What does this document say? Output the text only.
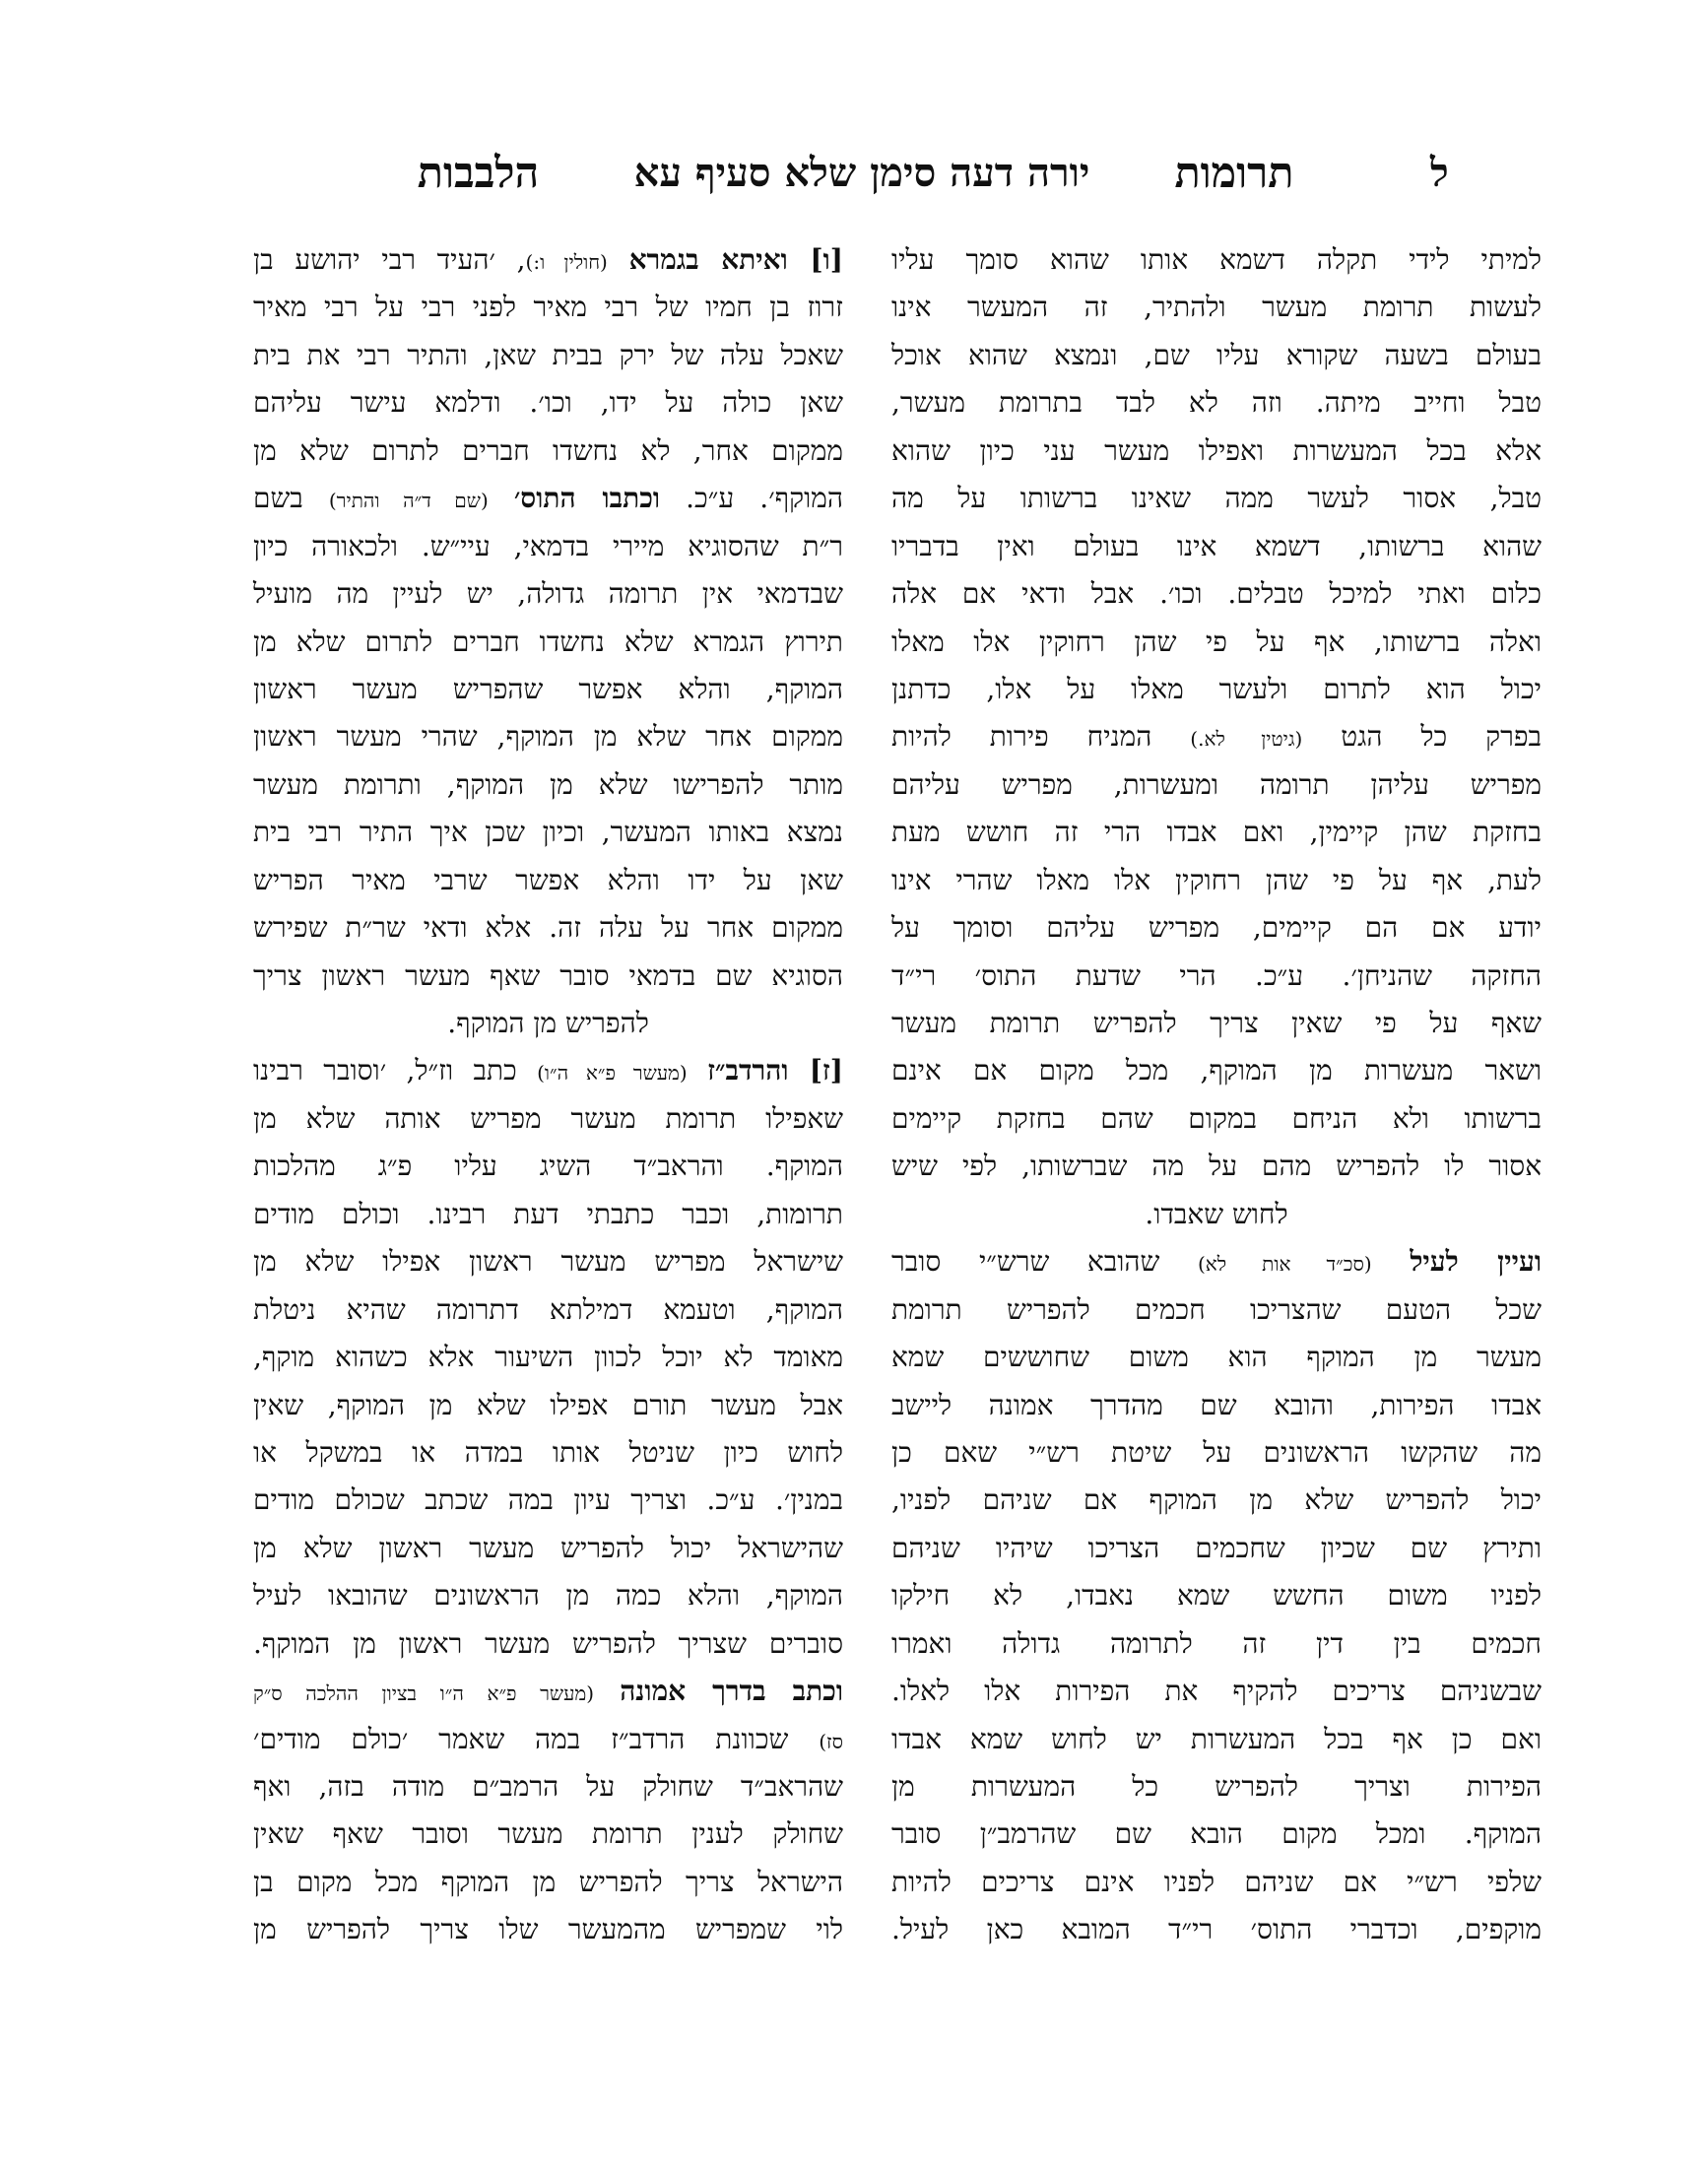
הלבבות	יורה דעה סימן שלא סעיף עא	תרומות	ל
למיתי לידי תקלה דשמא אותו שהוא סומך עליו
לעשות תרומת מעשר ולהתיר, זה המעשר אינו
בעולם בשעה שקורא עליו שם, ונמצא שהוא אוכל
טבל וחייב מיתה. וזה לא לבד בתרומת מעשר,
אלא בכל המעשרות ואפילו מעשר עני כיון שהוא
טבל, אסור לעשר ממה שאינו ברשותו על מה
שהוא ברשותו, דשמא אינו בעולם ואין בדבריו
כלום ואתי למיכל טבלים. וכו׳. אבל ודאי אם אלה
ואלה ברשותו, אף על פי שהן רחוקין אלו מאלו
יכול הוא לתרום ולעשר מאלו על אלו, כדתנן
בפרק כל הגט (גיטין לא.) המניח פירות להיות
מפריש עליהן תרומה ומעשרות, מפריש עליהם
בחזקת שהן קיימין, ואם אבדו הרי זה חושש מעת
לעת, אף על פי שהן רחוקין אלו מאלו שהרי אינו
יודע אם הם קיימים, מפריש עליהם וסומך על
החזקה שהניחן׳. ע״כ. הרי שדעת התוס׳ רי״ד
שאף על פי שאין צריך להפריש תרומת מעשר
ושאר מעשרות מן המוקף, מכל מקום אם אינם
ברשותו ולא הניחם במקום שהם בחזקת קיימים
אסור לו להפריש מהם על מה שברשותו, לפי שיש
לחוש שאבדו.
ועיין לעיל (סכ״ד אות לא) שהובא שרש״י סובר
שכל הטעם שהצריכו חכמים להפריש תרומת
מעשר מן המוקף הוא משום שחוששים שמא
אבדו הפירות, והובא שם מהדרך אמונה ליישב
מה שהקשו הראשונים על שיטת רש״י שאם כן
יכול להפריש שלא מן המוקף אם שניהם לפניו,
ותירץ שם שכיון שחכמים הצריכו שיהיו שניהם
לפניו משום החשש שמא נאבדו, לא חילקו
חכמים בין דין זה לתרומה גדולה ואמרו
שבשניהם צריכים להקיף את הפירות אלו לאלו.
ואם כן אף בכל המעשרות יש לחוש שמא אבדו
הפירות וצריך להפריש כל המעשרות מן
המוקף. ומכל מקום הובא שם שהרמב״ן סובר
שלפי רש״י אם שניהם לפניו אינם צריכים להיות
מוקפים, וכדברי התוס׳ רי״ד המובא כאן לעיל.
[ו] ואיתא בגמרא (חולין ו:), ׳העיד רבי יהושע בן
זרוז בן חמיו של רבי מאיר לפני רבי על רבי מאיר
שאכל עלה של ירק בבית שאן, והתיר רבי את בית
שאן כולה על ידו, וכו׳. ודלמא עישר עליהם
ממקום אחר, לא נחשדו חברים לתרום שלא מן
המוקף׳. ע״כ. וכתבו התוס׳ (שם ד״ה והתיר) בשם
ר״ת שהסוגיא מיירי בדמאי, עיי״ש. ולכאורה כיון
שבדמאי אין תרומה גדולה, יש לעיין מה מועיל
תירוץ הגמרא שלא נחשדו חברים לתרום שלא מן
המוקף, והלא אפשר שהפריש מעשר ראשון
ממקום אחר שלא מן המוקף, שהרי מעשר ראשון
מותר להפרישו שלא מן המוקף, ותרומת מעשר
נמצא באותו המעשר, וכיון שכן איך התיר רבי בית
שאן על ידו והלא אפשר שרבי מאיר הפריש
ממקום אחר על עלה זה. אלא ודאי שר״ת שפירש
הסוגיא שם בדמאי סובר שאף מעשר ראשון צריך
להפריש מן המוקף.
[ז] והרדב״ז (מעשר פ״א ה״ו) כתב וז״ל, ׳וסובר רבינו
שאפילו תרומת מעשר מפריש אותה שלא מן
המוקף. והראב״ד השיג עליו פ״ג מהלכות
תרומות, וכבר כתבתי דעת רבינו. וכולם מודים
שישראל מפריש מעשר ראשון אפילו שלא מן
המוקף, וטעמא דמילתא דתרומה שהיא ניטלת
מאומד לא יוכל לכוון השיעור אלא כשהוא מוקף,
אבל מעשר תורם אפילו שלא מן המוקף, שאין
לחוש כיון שניטל אותו במדה או במשקל או
במנין׳. ע״כ. וצריך עיון במה שכתב שכולם מודים
שהישראל יכול להפריש מעשר ראשון שלא מן
המוקף, והלא כמה מן הראשונים שהובאו לעיל
סוברים שצריך להפריש מעשר ראשון מן המוקף.
וכתב בדרך אמונה (מעשר פ״א ה״ו בציון ההלכה ס״ק
סז) שכוונת הרדב״ז במה שאמר ׳כולם מודים׳
שהראב״ד שחולק על הרמב״ם מודה בזה, ואף
שחולק לענין תרומת מעשר וסובר שאף שאין
הישראל צריך להפריש מן המוקף מכל מקום בן
לוי שמפריש מהמעשר שלו צריך להפריש מן
